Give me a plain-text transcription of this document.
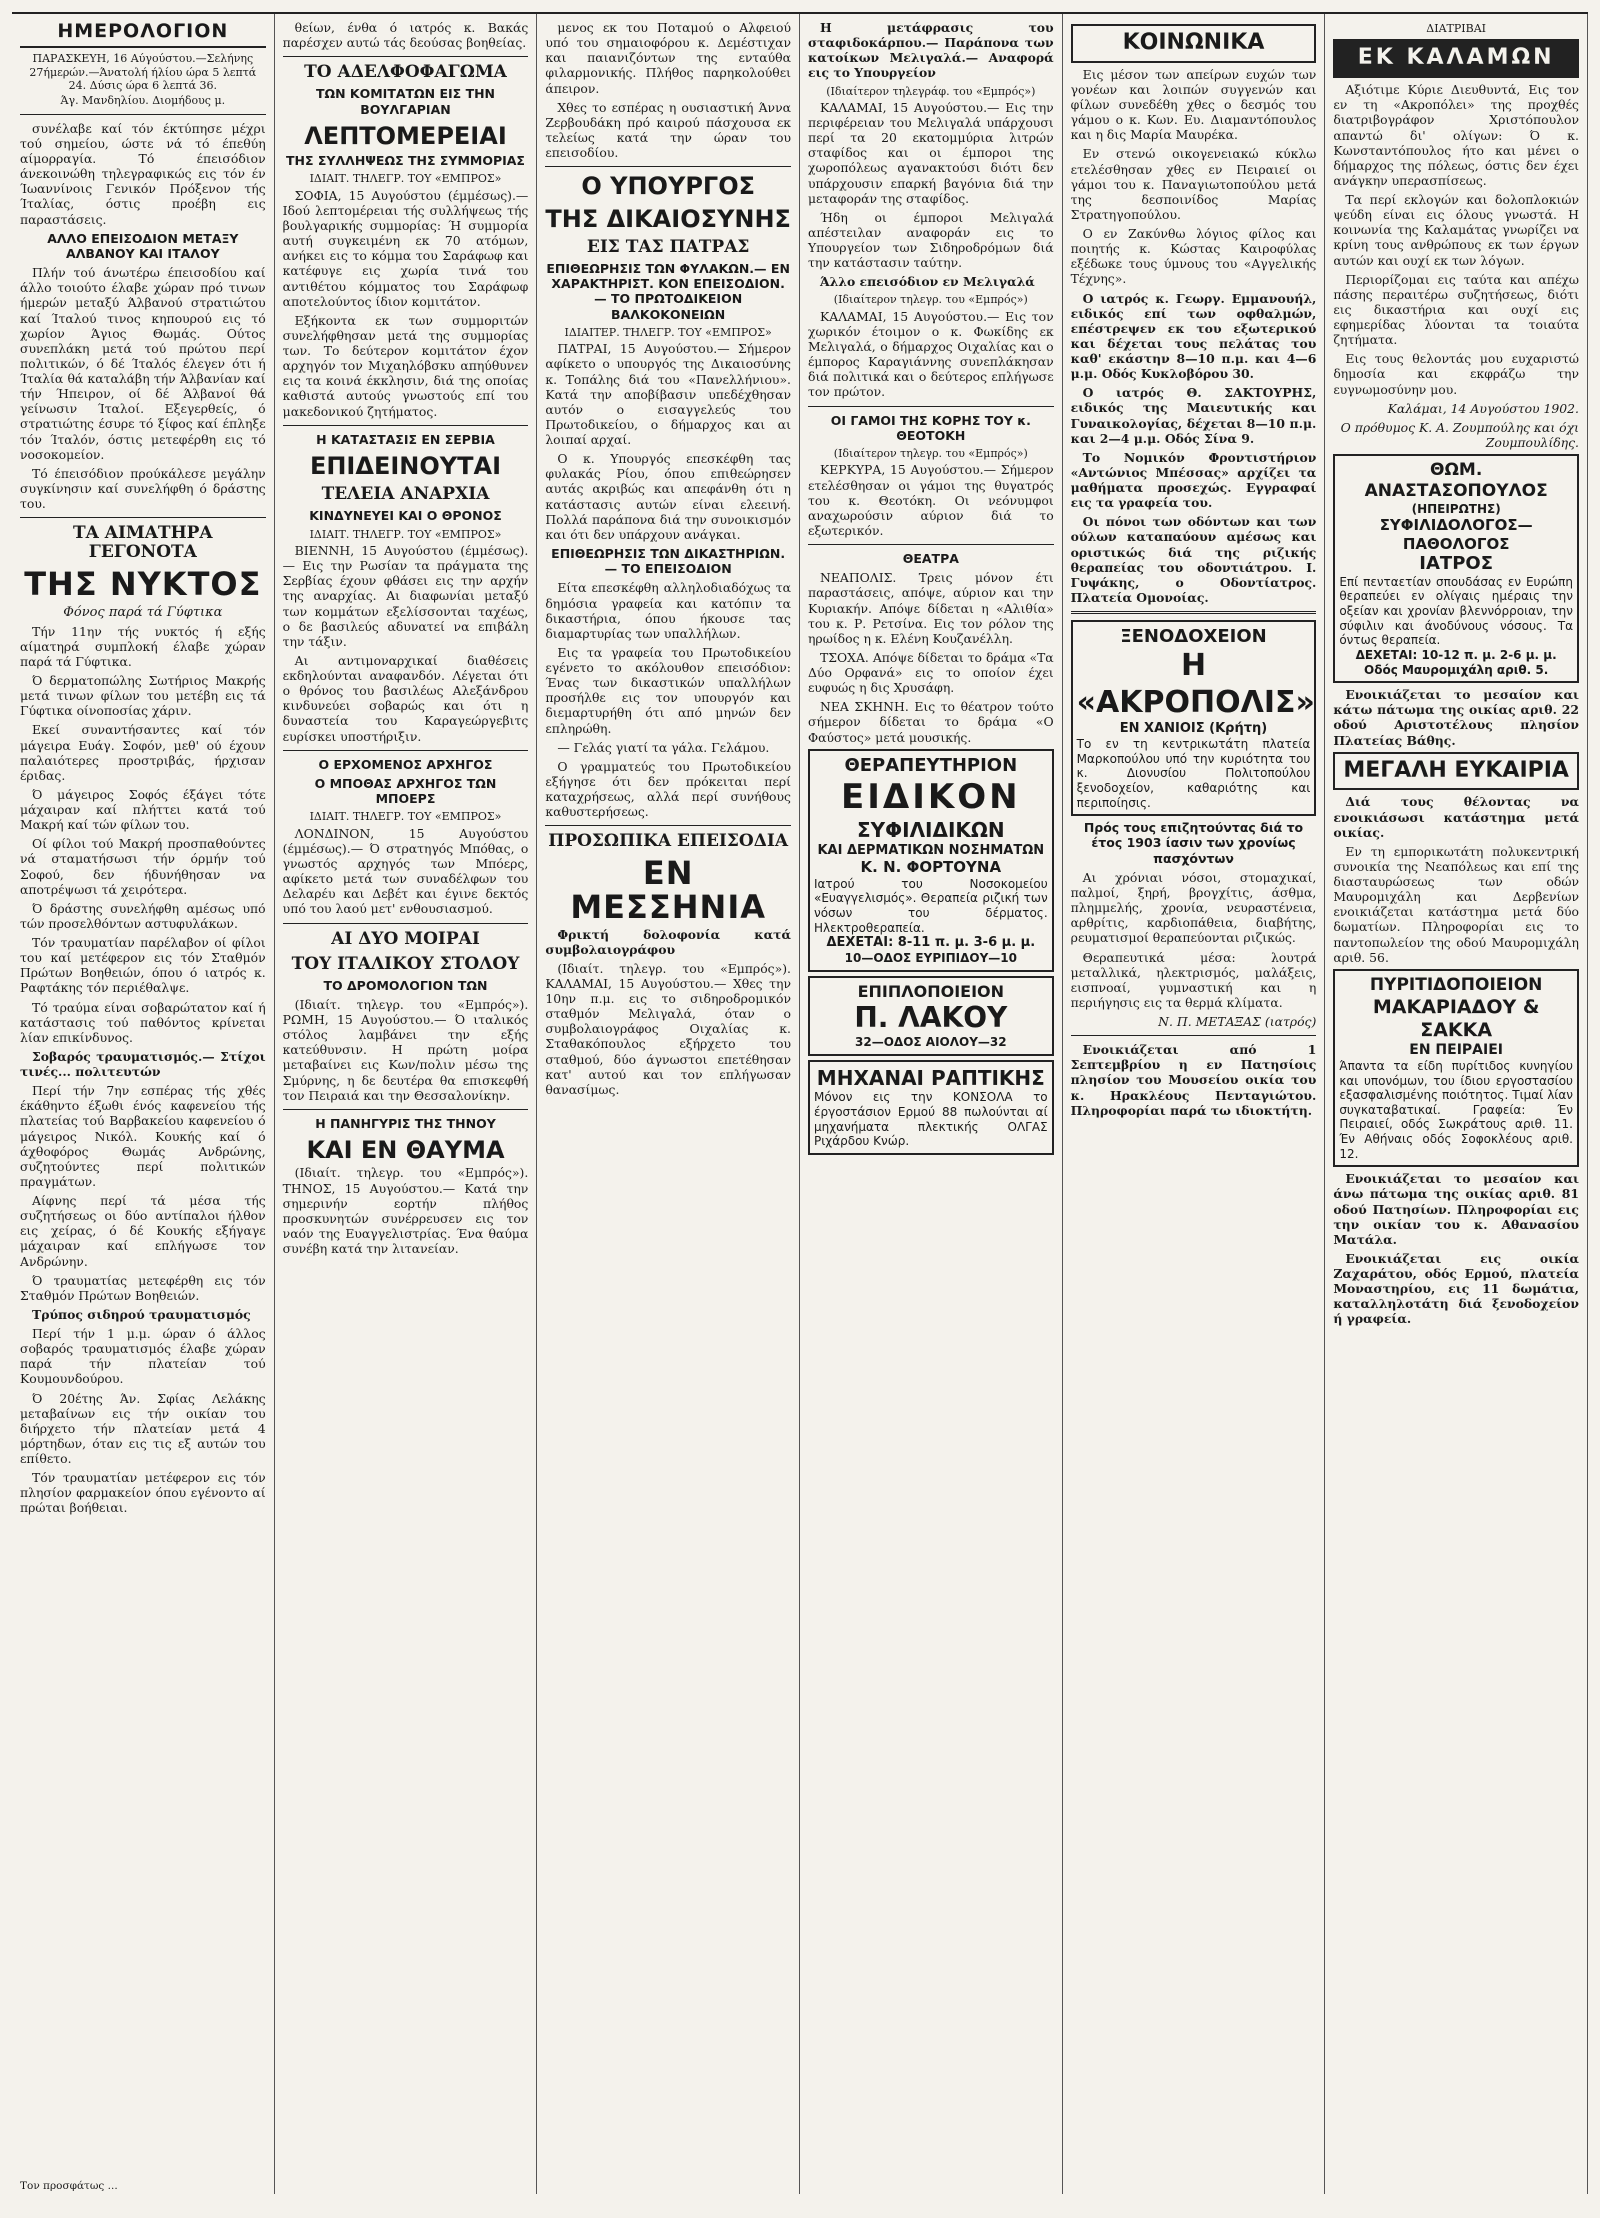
ΗΜΕΡΟΛΟΓΙΟΝ
ΠΑΡΑΣΚΕΥΗ, 16 Αύγούστου.—Σελήνης 27ήμερών.—Άνατολή ήλίου ώρα 5 λεπτά 24. Δύσις ώρα 6 λεπτά 36.
Άγ. Μανδηλίου. Διομήδους μ.

συνέλαβε καί τόν έκτύπησε μέχρι τού σημείου, ώστε νά τό έπεθύη αίμορραγία. Τό έπεισόδιον άνεκοινώθη τηλεγραφικώς εις τόν έν Ίωαννίνοις Γενικόν Πρόξενον τής Ίταλίας, όστις προέβη εις παραστάσεις.

ΑΛΛΟ ΕΠΕΙΣΟΔΙΟΝ ΜΕΤΑΞΥ ΑΛΒΑΝΟΥ ΚΑΙ ΙΤΑΛΟΥ

Πλήν τού άνωτέρω έπεισοδίου καί άλλο τοιούτο έλαβε χώραν πρό τινων ήμερών μεταξύ Άλβανού στρατιώτου καί Ίταλού τινος κηπουρού εις τό χωρίον Άγιος Θωμάς. Ούτος συνεπλάκη μετά τού πρώτου περί πολιτικών, ό δέ Ίταλός έλεγεν ότι ή Ίταλία θά καταλάβη τήν Άλβανίαν καί τήν Ήπειρον, οί δέ Άλβανοί θά γείνωσιν Ίταλοί. Εξεγερθείς, ό στρατιώτης έσυρε τό ξίφος καί έπληξε τόν Ίταλόν, όστις μετεφέρθη εις τό νοσοκομείον.

Τό έπεισόδιον προύκάλεσε μεγάλην συγκίνησιν καί συνελήφθη ό δράστης του.

ΤΑ ΑΙΜΑΤΗΡΑ ΓΕΓΟΝΟΤΑ
ΤΗΣ ΝΥΚΤΟΣ
Φόνος παρά τά Γύφτικα

Τήν 11ην τής νυκτός ή εξής αίματηρά συμπλοκή έλαβε χώραν παρά τά Γύφτικα.

Ό δερματοπώλης Σωτήριος Μακρής μετά τινων φίλων του μετέβη εις τά Γύφτικα οίνοποσίας χάριν.

Εκεί συναντήσαντες καί τόν μάγειρα Ευάγ. Σοφόν, μεθ' ού έχουν παλαιότερες προστριβάς, ήρχισαν έριδας.

Ό μάγειρος Σοφός έξάγει τότε μάχαιραν καί πλήττει κατά τού Μακρή καί τών φίλων του.

Οί φίλοι τού Μακρή προσπαθούντες νά σταματήσωσι τήν όρμήν τού Σοφού, δεν ήδυνήθησαν να αποτρέψωσι τά χειρότερα.

Ό δράστης συνελήφθη αμέσως υπό τών προσελθόντων αστυφυλάκων.

Τόν τραυματίαν παρέλαβον οί φίλοι του καί μετέφερον εις τόν Σταθμόν Πρώτων Βοηθειών, όπου ό ιατρός κ. Ραφτάκης τόν περιέθαλψε.

Τό τραύμα είναι σοβαρώτατον καί ή κατάστασις τού παθόντος κρίνεται λίαν επικίνδυνος.

Σοβαρός τραυματισμός.— Στίχοι τινές... πολιτευτών

Περί τήν 7ην εσπέρας τής χθές έκάθηντο έξωθι ένός καφενείου τής πλατείας τού Βαρβακείου καφενείου ό μάγειρος Νικόλ. Κουκής καί ό άχθοφόρος Θωμάς Ανδρώνης, συζητούντες περί πολιτικών πραγμάτων.

Αίφνης περί τά μέσα τής συζητήσεως οι δύο αντίπαλοι ήλθον εις χείρας, ό δέ Κουκής εξήγαγε μάχαιραν καί επλήγωσε τον Ανδρώνην.

Ό τραυματίας μετεφέρθη εις τόν Σταθμόν Πρώτων Βοηθειών.

Τρύπος σιδηρού τραυματισμός

Περί τήν 1 μ.μ. ώραν ό άλλος σοβαρός τραυματισμός έλαβε χώραν παρά τήν πλατείαν τού Κουμουνδούρου.

Ό 20έτης Άν. Σφίας Λελάκης μεταβαίνων εις τήν οικίαν του διήρχετο τήν πλατείαν μετά 4 μόρτηδων, όταν εις τις εξ αυτών του επίθετο.

Τόν τραυματίαν μετέφερον εις τόν πλησίον φαρμακείον όπου εγένοντο αί πρώται βοήθειαι.

θείων, ένθα ό ιατρός κ. Βακάς παρέσχεν αυτώ τάς δεούσας βοηθείας.

ΤΟ ΑΔΕΛΦΟΦΑΓΩΜΑ
ΤΩΝ ΚΟΜΙΤΑΤΩΝ ΕΙΣ ΤΗΝ ΒΟΥΛΓΑΡΙΑΝ
ΛΕΠΤΟΜΕΡΕΙΑΙ
ΤΗΣ ΣΥΛΛΗΨΕΩΣ ΤΗΣ ΣΥΜΜΟΡΙΑΣ
ΙΔΙΑΙΤ. ΤΗΛΕΓΡ. ΤΟΥ «ΕΜΠΡΟΣ»

ΣΟΦΙΑ, 15 Αυγούστου (έμμέσως).— Ιδού λεπτομέρειαι τής συλλήψεως τής βουλγαρικής συμμορίας: Ή συμμορία αυτή συγκειμένη εκ 70 ατόμων, ανήκει εις το κόμμα του Σαράφωφ και κατέφυγε εις χωρία τινά του αντιθέτου κόμματος του Σαράφωφ αποτελούντος ίδιον κομιτάτον.

Εξήκοντα εκ των συμμοριτών συνελήφθησαν μετά της συμμορίας των. Το δεύτερον κομιτάτον έχον αρχηγόν τον Μιχαηλόβσκυ απηύθυνεν εις τα κοινά έκκλησιν, διά της οποίας καθιστά αυτούς γνωστούς επί του μακεδονικού ζητήματος.

Η ΚΑΤΑΣΤΑΣΙΣ ΕΝ ΣΕΡΒΙΑ
ΕΠΙΔΕΙΝΟΥΤΑΙ
ΤΕΛΕΙΑ ΑΝΑΡΧΙΑ
ΚΙΝΔΥΝΕΥΕΙ ΚΑΙ Ο ΘΡΟΝΟΣ
ΙΔΙΑΙΤ. ΤΗΛΕΓΡ. ΤΟΥ «ΕΜΠΡΟΣ»

ΒΙΕΝΝΗ, 15 Αυγούστου (έμμέσως).— Εις την Ρωσίαν τα πράγματα της Σερβίας έχουν φθάσει εις την αρχήν της αναρχίας. Αι διαφωνίαι μεταξύ των κομμάτων εξελίσσονται ταχέως, ο δε βασιλεύς αδυνατεί να επιβάλη την τάξιν.

Αι αντιμοναρχικαί διαθέσεις εκδηλούνται αναφανδόν. Λέγεται ότι ο θρόνος του βασιλέως Αλεξάνδρου κινδυνεύει σοβαρώς και ότι η δυναστεία του Καραγεώργεβιτς ευρίσκει υποστήριξιν.

Ο ΕΡΧΟΜΕΝΟΣ ΑΡΧΗΓΟΣ
Ο ΜΠΟΘΑΣ ΑΡΧΗΓΟΣ ΤΩΝ ΜΠΟΕΡΣ
ΙΔΙΑΙΤ. ΤΗΛΕΓΡ. ΤΟΥ «ΕΜΠΡΟΣ»

ΛΟΝΔΙΝΟΝ, 15 Αυγούστου (έμμέσως).— Ό στρατηγός Μπόθας, ο γνωστός αρχηγός των Μπόερς, αφίκετο μετά των συναδέλφων του Δελαρέυ και Δεβέτ και έγινε δεκτός υπό του λαού μετ' ενθουσιασμού.

ΑΙ ΔΥΟ ΜΟΙΡΑΙ
ΤΟΥ ΙΤΑΛΙΚΟΥ ΣΤΟΛΟΥ
ΤΟ ΔΡΟΜΟΛΟΓΙΟΝ ΤΩΝ

(Ιδιαίτ. τηλεγρ. του «Εμπρός»). ΡΩΜΗ, 15 Αυγούστου.— Ό ιταλικός στόλος λαμβάνει την εξής κατεύθυνσιν. Η πρώτη μοίρα μεταβαίνει εις Κων/πολιν μέσω της Σμύρνης, η δε δευτέρα θα επισκεφθή τον Πειραιά και την Θεσσαλονίκην.

Η ΠΑΝΗΓΥΡΙΣ ΤΗΣ ΤΗΝΟΥ
ΚΑΙ ΕΝ ΘΑΥΜΑ

(Ιδιαίτ. τηλεγρ. του «Εμπρός»). ΤΗΝΟΣ, 15 Αυγούστου.— Κατά την σημερινήν εορτήν πλήθος προσκυνητών συνέρρευσεν εις τον ναόν της Ευαγγελιστρίας. Ένα θαύμα συνέβη κατά την λιτανείαν.

μενος εκ του Ποταμού ο Αλφειού υπό του σημαιοφόρου κ. Δεμέστιχαν και παιανιζόντων της ενταύθα φιλαρμονικής. Πλήθος παρηκολούθει άπειρον.

Χθες το εσπέρας η ουσιαστική Άννα Ζερβουδάκη πρό καιρού πάσχουσα εκ τελείως κατά την ώραν του επεισοδίου.

Ο ΥΠΟΥΡΓΟΣ
ΤΗΣ ΔΙΚΑΙΟΣΥΝΗΣ
ΕΙΣ ΤΑΣ ΠΑΤΡΑΣ
ΕΠΙΘΕΩΡΗΣΙΣ ΤΩΝ ΦΥΛΑΚΩΝ.— ΕΝ ΧΑΡΑΚΤΗΡΙΣΤ. ΚΟΝ ΕΠΕΙΣΟΔΙΟΝ.— ΤΟ ΠΡΩΤΟΔΙΚΕΙΟΝ ΒΑΛΚΟΚΟΝΕΙΩΝ
ΙΔΙΑΙΤΕΡ. ΤΗΛΕΓΡ. ΤΟΥ «ΕΜΠΡΟΣ»

ΠΑΤΡΑΙ, 15 Αυγούστου.— Σήμερον αφίκετο ο υπουργός της Δικαιοσύνης κ. Τοπάλης διά του «Πανελλήνιου». Κατά την αποβίβασιν υπεδέχθησαν αυτόν ο εισαγγελεύς του Πρωτοδικείου, ο δήμαρχος και αι λοιπαί αρχαί.

Ο κ. Υπουργός επεσκέφθη τας φυλακάς Ρίου, όπου επιθεώρησεν αυτάς ακριβώς και απεφάνθη ότι η κατάστασις αυτών είναι ελεεινή. Πολλά παράπονα διά την συνοικισμόν και ότι δεν υπάρχουν ανάγκαι.

ΕΠΙΘΕΩΡΗΣΙΣ ΤΩΝ ΔΙΚΑΣΤΗΡΙΩΝ.— ΤΟ ΕΠΕΙΣΟΔΙΟΝ

Είτα επεσκέφθη αλληλοδιαδόχως τα δημόσια γραφεία και κατόπιν τα δικαστήρια, όπου ήκουσε τας διαμαρτυρίας των υπαλλήλων.

Εις τα γραφεία του Πρωτοδικείου εγένετο το ακόλουθον επεισόδιον: Ένας των δικαστικών υπαλλήλων προσήλθε εις τον υπουργόν και διεμαρτυρήθη ότι από μηνών δεν επληρώθη.

— Γελάς γιατί τα γάλα. Γελάμου.

Ο γραμματεύς του Πρωτοδικείου εξήγησε ότι δεν πρόκειται περί καταχρήσεως, αλλά περί συνήθους καθυστερήσεως.

ΠΡΟΣΩΠΙΚΑ ΕΠΕΙΣΟΔΙΑ
ΕΝ ΜΕΣΣΗΝΙΑ

Φρικτή δολοφονία κατά συμβολαιογράφου

(Ιδιαίτ. τηλεγρ. του «Εμπρός»). ΚΑΛΑΜΑΙ, 15 Αυγούστου.— Χθες την 10ην π.μ. εις το σιδηροδρομικόν σταθμόν Μελιγαλά, όταν ο συμβολαιογράφος Οιχαλίας κ. Σταθακόπουλος εξήρχετο του σταθμού, δύο άγνωστοι επετέθησαν κατ' αυτού και τον επλήγωσαν θανασίμως.

Η μετάφρασις του σταφιδοκάρπου.— Παράπονα των κατοίκων Μελιγαλά.— Αναφορά εις το Υπουργείον

(Ιδιαίτερον τηλεγράφ. του «Εμπρός»)

ΚΑΛΑΜΑΙ, 15 Αυγούστου.— Εις την περιφέρειαν του Μελιγαλά υπάρχουσι περί τα 20 εκατομμύρια λιτρών σταφίδος και οι έμποροι της χωροπόλεως αγανακτούσι διότι δεν υπάρχουσιν επαρκή βαγόνια διά την μεταφοράν της σταφίδος.

Ήδη οι έμποροι Μελιγαλά απέστειλαν αναφοράν εις το Υπουργείον των Σιδηροδρόμων διά την κατάστασιν ταύτην.

Άλλο επεισόδιον εν Μελιγαλά

(Ιδιαίτερον τηλεγρ. του «Εμπρός»)

ΚΑΛΑΜΑΙ, 15 Αυγούστου.— Εις τον χωρικόν έτοιμον ο κ. Φωκίδης εκ Μελιγαλά, ο δήμαρχος Οιχαλίας και ο έμπορος Καραγιάννης συνεπλάκησαν διά πολιτικά και ο δεύτερος επλήγωσε τον πρώτον.

ΟΙ ΓΑΜΟΙ ΤΗΣ ΚΟΡΗΣ ΤΟΥ κ. ΘΕΟΤΟΚΗ
(Ιδιαίτερον τηλεγρ. του «Εμπρός»)

ΚΕΡΚΥΡΑ, 15 Αυγούστου.— Σήμερον ετελέσθησαν οι γάμοι της θυγατρός του κ. Θεοτόκη. Οι νεόνυμφοι αναχωρούσιν αύριον διά το εξωτερικόν.

ΘΕΑΤΡΑ

ΝΕΑΠΟΛΙΣ. Τρεις μόνον έτι παραστάσεις, απόψε, αύριον και την Κυριακήν. Απόψε δίδεται η «Αλιθία» του κ. Ρ. Ρετσίνα. Εις τον ρόλον της ηρωίδος η κ. Ελένη Κουζανέλλη.

ΤΣΟΧΑ. Απόψε δίδεται το δράμα «Τα Δύο Ορφανά» εις το οποίον έχει ευφυώς η δις Χρυσάφη.

ΝΕΑ ΣΚΗΝΗ. Εις το θέατρον τούτο σήμερον δίδεται το δράμα «Ο Φαύστος» μετά μουσικής.

ΘΕΡΑΠΕΥΤΗΡΙΟΝ
ΕΙΔΙΚΟΝ
ΣΥΦΙΛΙΔΙΚΩΝ
ΚΑΙ ΔΕΡΜΑΤΙΚΩΝ ΝΟΣΗΜΑΤΩΝ
Κ. Ν. ΦΟΡΤΟΥΝΑ
Ιατρού του Νοσοκομείου «Ευαγγελισμός». Θεραπεία ριζική των νόσων του δέρματος. Ηλεκτροθεραπεία.
ΔΕΧΕΤΑΙ: 8-11 π. μ. 3-6 μ. μ.
10—ΟΔΟΣ ΕΥΡΙΠΙΔΟΥ—10
ΕΠΙΠΛΟΠΟΙΕΙΟΝ
Π. ΛΑΚΟΥ
32—ΟΔΟΣ ΑΙΟΛΟΥ—32
ΜΗΧΑΝΑΙ ΡΑΠΤΙΚΗΣ
Μόνον εις την ΚΟΝΣΟΛΑ το έργοστάσιον Ερμού 88 πωλούνται αί μηχανήματα πλεκτικής ΟΛΓΑΣ Ριχάρδου Κνώρ.
ΚΟΙΝΩΝΙΚΑ

Εις μέσον των απείρων ευχών των γονέων και λοιπών συγγενών και φίλων συνεδέθη χθες ο δεσμός του γάμου ο κ. Κων. Ευ. Διαμαντόπουλος και η δις Μαρία Μαυρέκα.

Εν στενώ οικογενειακώ κύκλω ετελέσθησαν χθες εν Πειραιεί οι γάμοι του κ. Παναγιωτοπούλου μετά της δεσποινίδος Μαρίας Στρατηγοπούλου.

Ο εν Ζακύνθω λόγιος φίλος και ποιητής κ. Κώστας Καιροφύλας εξέδωκε τους ύμνους του «Αγγελικής Τέχνης».

Ο ιατρός κ. Γεωργ. Εμμανουήλ, ειδικός επί των οφθαλμών, επέστρεψεν εκ του εξωτερικού και δέχεται τους πελάτας του καθ' εκάστην 8—10 π.μ. και 4—6 μ.μ. Οδός Κυκλοβόρου 30.

Ο ιατρός Θ. ΣΑΚΤΟΥΡΗΣ, ειδικός της Μαιευτικής και Γυναικολογίας, δέχεται 8—10 π.μ. και 2—4 μ.μ. Οδός Σίνα 9.

Το Νομικόν Φροντιστήριον «Αντώνιος Μπέσσας» αρχίζει τα μαθήματα προσεχώς. Εγγραφαί εις τα γραφεία του.

Οι πόνοι των οδόντων και των ούλων καταπαύουν αμέσως και οριστικώς διά της ριζικής θεραπείας του οδοντιάτρου. Ι. Γυψάκης, ο Οδοντίατρος. Πλατεία Ομονοίας.

ΞΕΝΟΔΟΧΕΙΟΝ
Η «ΑΚΡΟΠΟΛΙΣ»
ΕΝ ΧΑΝΙΟΙΣ (Κρήτη)
Το εν τη κεντρικωτάτη πλατεία Μαρκοπούλου υπό την κυριότητα του κ. Διονυσίου Πολιτοπούλου ξενοδοχείον, καθαριότης και περιποίησις.
Πρός τους επιζητούντας διά το έτος 1903 ίασιν των χρονίως πασχόντων

Αι χρόνιαι νόσοι, στομαχικαί, παλμοί, ξηρή, βρογχίτις, άσθμα, πλημμελής, χρονία, νευραστένεια, αρθρίτις, καρδιοπάθεια, διαβήτης, ρευματισμοί θεραπεύονται ριζικώς.

Θεραπευτικά μέσα: λουτρά μεταλλικά, ηλεκτρισμός, μαλάξεις, εισπνοαί, γυμναστική και η περιήγησις εις τα θερμά κλίματα.

Ν. Π. ΜΕΤΑΞΑΣ (ιατρός)

Ενοικιάζεται από 1 Σεπτεμβρίου η εν Πατησίοις πλησίον του Μουσείου οικία του κ. Ηρακλέους Πενταγιώτου. Πληροφορίαι παρά τω ιδιοκτήτη.

ΔΙΑΤΡΙΒΑΙ
ΕΚ ΚΑΛΑΜΩΝ

Αξιότιμε Κύριε Διευθυντά, Εις τον εν τη «Ακροπόλει» της προχθές διατριβογράφον Χριστόπουλον απαντώ δι' ολίγων: Ό κ. Κωνσταντόπουλος ήτο και μένει ο δήμαρχος της πόλεως, όστις δεν έχει ανάγκην υπερασπίσεως.

Τα περί εκλογών και δολοπλοκιών ψεύδη είναι εις όλους γνωστά. Η κοινωνία της Καλαμάτας γνωρίζει να κρίνη τους ανθρώπους εκ των έργων αυτών και ουχί εκ των λόγων.

Περιορίζομαι εις ταύτα και απέχω πάσης περαιτέρω συζητήσεως, διότι εις δικαστήρια και ουχί εις εφημερίδας λύονται τα τοιαύτα ζητήματα.

Εις τους θελοντάς μου ευχαριστώ δημοσία και εκφράζω την ευγνωμοσύνην μου.

Καλάμαι, 14 Αυγούστου 1902.
Ο πρόθυμος Κ. Α. Ζουμπούλης και όχι Ζουμπουλίδης.
ΘΩΜ. ΑΝΑΣΤΑΣΟΠΟΥΛΟΣ
(ΗΠΕΙΡΩΤΗΣ)
ΣΥΦΙΛΙΔΟΛΟΓΟΣ—ΠΑΘΟΛΟΓΟΣ
ΙΑΤΡΟΣ
Επί πενταετίαν σπουδάσας εν Ευρώπη θεραπεύει εν ολίγαις ημέραις την οξείαν και χρονίαν βλεννόρροιαν, την σύφιλιν και άνοδύνους νόσους. Τα όντως θεραπεία.
ΔΕΧΕΤΑΙ: 10-12 π. μ. 2-6 μ. μ.
Οδός Μαυρομιχάλη αριθ. 5.

Ενοικιάζεται το μεσαίον και κάτω πάτωμα της οικίας αριθ. 22 οδού Αριστοτέλους πλησίον Πλατείας Βάθης.

ΜΕΓΑΛΗ ΕΥΚΑΙΡΙΑ

Διά τους θέλοντας να ενοικιάσωσι κατάστημα μετά οικίας.

Εν τη εμπορικωτάτη πολυκεντρική συνοικία της Νεαπόλεως και επί της διασταυρώσεως των οδών Μαυρομιχάλη και Δερβενίων ενοικιάζεται κατάστημα μετά δύο δωματίων. Πληροφορίαι εις το παντοπωλείον της οδού Μαυρομιχάλη αριθ. 56.

ΠΥΡΙΤΙΔΟΠΟΙΕΙΟΝ
ΜΑΚΑΡΙΑΔΟΥ & ΣΑΚΚΑ
ΕΝ ΠΕΙΡΑΙΕΙ
Άπαντα τα είδη πυρίτιδος κυνηγίου και υπονόμων, του ίδιου εργοστασίου εξασφαλισμένης ποιότητος. Τιμαί λίαν συγκαταβατικαί. Γραφεία: Έν Πειραιεί, οδός Σωκράτους αριθ. 11. Έν Αθήναις οδός Σοφοκλέους αριθ. 12.

Ενοικιάζεται το μεσαίον και άνω πάτωμα της οικίας αριθ. 81 οδού Πατησίων. Πληροφορίαι εις την οικίαν του κ. Αθανασίου Ματάλα.

Ενοικιάζεται εις οικία Ζαχαράτου, οδός Ερμού, πλατεία Μοναστηρίου, εις 11 δωμάτια, καταλληλοτάτη διά ξενοδοχείον ή γραφεία.

Τον προσφάτως ...
